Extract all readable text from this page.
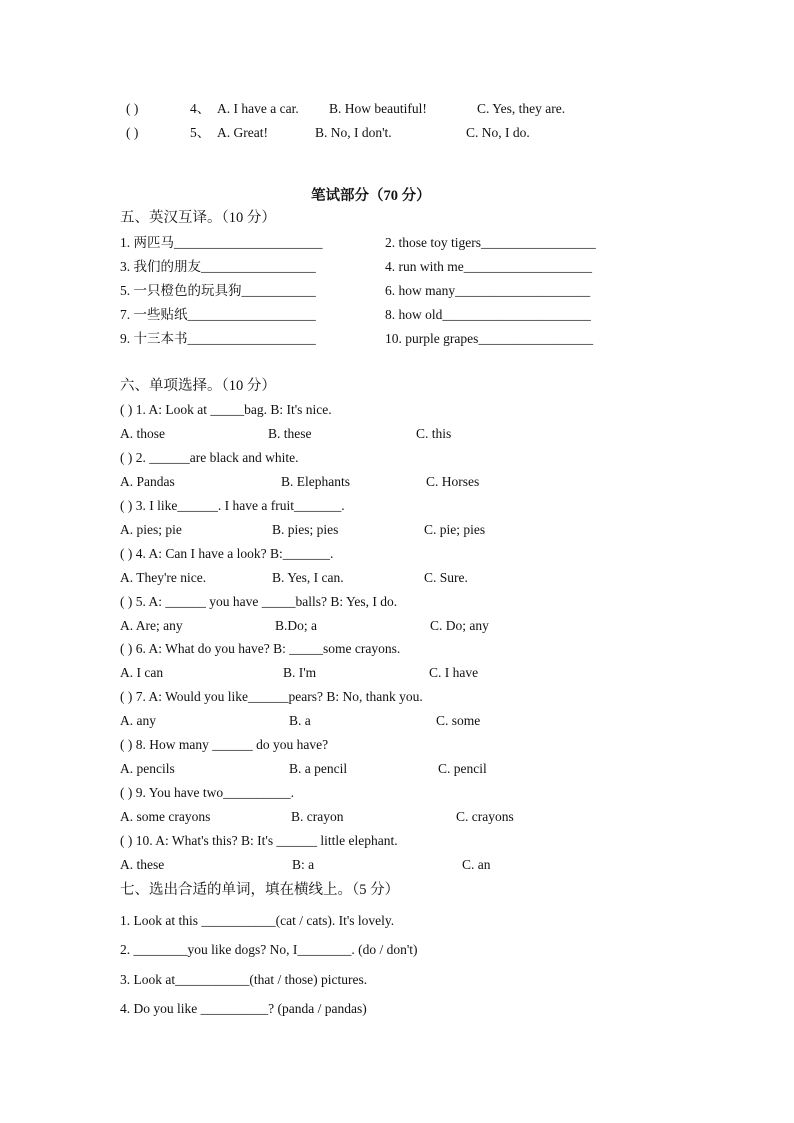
( )	4、 A. I have a car. B. How beautiful!	C. Yes, they are.
( )	5、 A. Great!	B. No, I don't.	C. No, I do.
笔试部分（70 分）
五、英汉互译。（10 分）
1. 两匹马______________________	2. those toy tigers_________________
3. 我们的朋友_________________	4. run with me___________________
5. 一只橙色的玩具狗___________	6. how many____________________
7. 一些贴纸___________________	8. how old______________________
9. 十三本书___________________	10. purple grapes_________________
六、单项选择。（10 分）
( ) 1. A: Look at _____bag. B: It's nice.
A. those	B. these	C. this
( ) 2. ______are black and white.
A. Pandas	B. Elephants	C. Horses
( ) 3. I like______. I have a fruit_______.
A. pies; pie	B. pies; pies	C. pie; pies
( ) 4. A: Can I have a look? B:_______.
A. They're nice.	B. Yes, I can.	C. Sure.
( ) 5. A: ______ you have _____balls? B: Yes, I do.
A. Are; any	B.Do; a	C. Do; any
( ) 6. A: What do you have? B: _____some crayons.
A. I can	B. I'm	C. I have
( ) 7. A: Would you like______pears? B: No, thank you.
A. any	B. a	C. some
( ) 8. How many ______ do you have?
A. pencils	B. a pencil	C. pencil
( ) 9. You have two__________.
A. some crayons	B. crayon	C. crayons
( ) 10. A: What's this? B: It's ______ little elephant.
A. these	B: a	C. an
七、选出合适的单词，填在横线上。（5 分）
1. Look at this ___________(cat / cats). It's lovely.
2. ________you like dogs? No, I________. (do / don't)
3. Look at___________(that / those) pictures.
4. Do you like __________? (panda / pandas)
